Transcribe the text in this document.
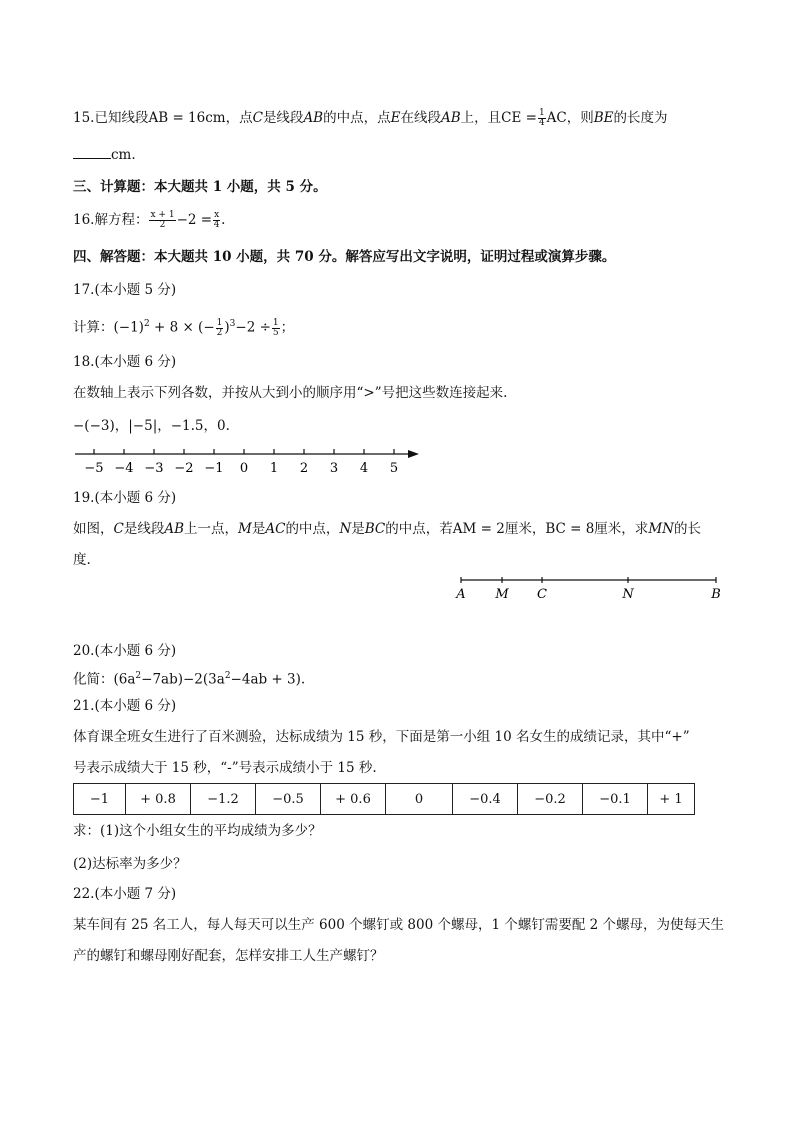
15.已知线段AB = 16cm，点C是线段AB的中点，点E在线段AB上，且CE = $\frac{1}{4}$ AC，则BE的长度为
cm.
三、计算题：本大题共 1 小题，共 5 分。
16.解方程： $\frac{x + 1}{2} -2 = \frac{x}{4}$ .
四、解答题：本大题共 10 小题，共 70 分。解答应写出文字说明，证明过程或演算步骤。
17.(本小题 5 分)
计算：$(-1)^2 + 8$ × (− $\frac{1}{2} )^3-2 \div \frac{1}{5}$ ；
18.(本小题 6 分)
在数轴上表示下列各数，并按从大到小的顺序用“>”号把这些数连接起来.
−(−3)，|−5|，−1.5，0.
−5 −4 −3 −2 −1 0 1 2 3 4 5
19.(本小题 6 分)
如图，C是线段AB上一点，M是AC的中点，N是BC的中点，若AM = 2厘米，BC = 8厘米，求MN的长
度.
A M C	N	B
20.(本小题 6 分)
化简：$(6a^2-7ab)-2(3a^2-4ab + 3)$.
21.(本小题 6 分)
体育课全班女生进行了百米测验，达标成绩为 15 秒，下面是第一小组 10 名女生的成绩记录，其中“+”
号表示成绩大于 15 秒，“-”号表示成绩小于 15 秒.
−1	+ 0.8	−1.2	−0.5	+ 0.6	0	−0.4	−0.2	−0.1	+ 1
求：(1)这个小组女生的平均成绩为多少？
(2)达标率为多少？
22.(本小题 7 分)
某车间有 25 名工人，每人每天可以生产 600 个螺钉或 800 个螺母，1 个螺钉需要配 2 个螺母，为使每天生
产的螺钉和螺母刚好配套，怎样安排工人生产螺钉？
